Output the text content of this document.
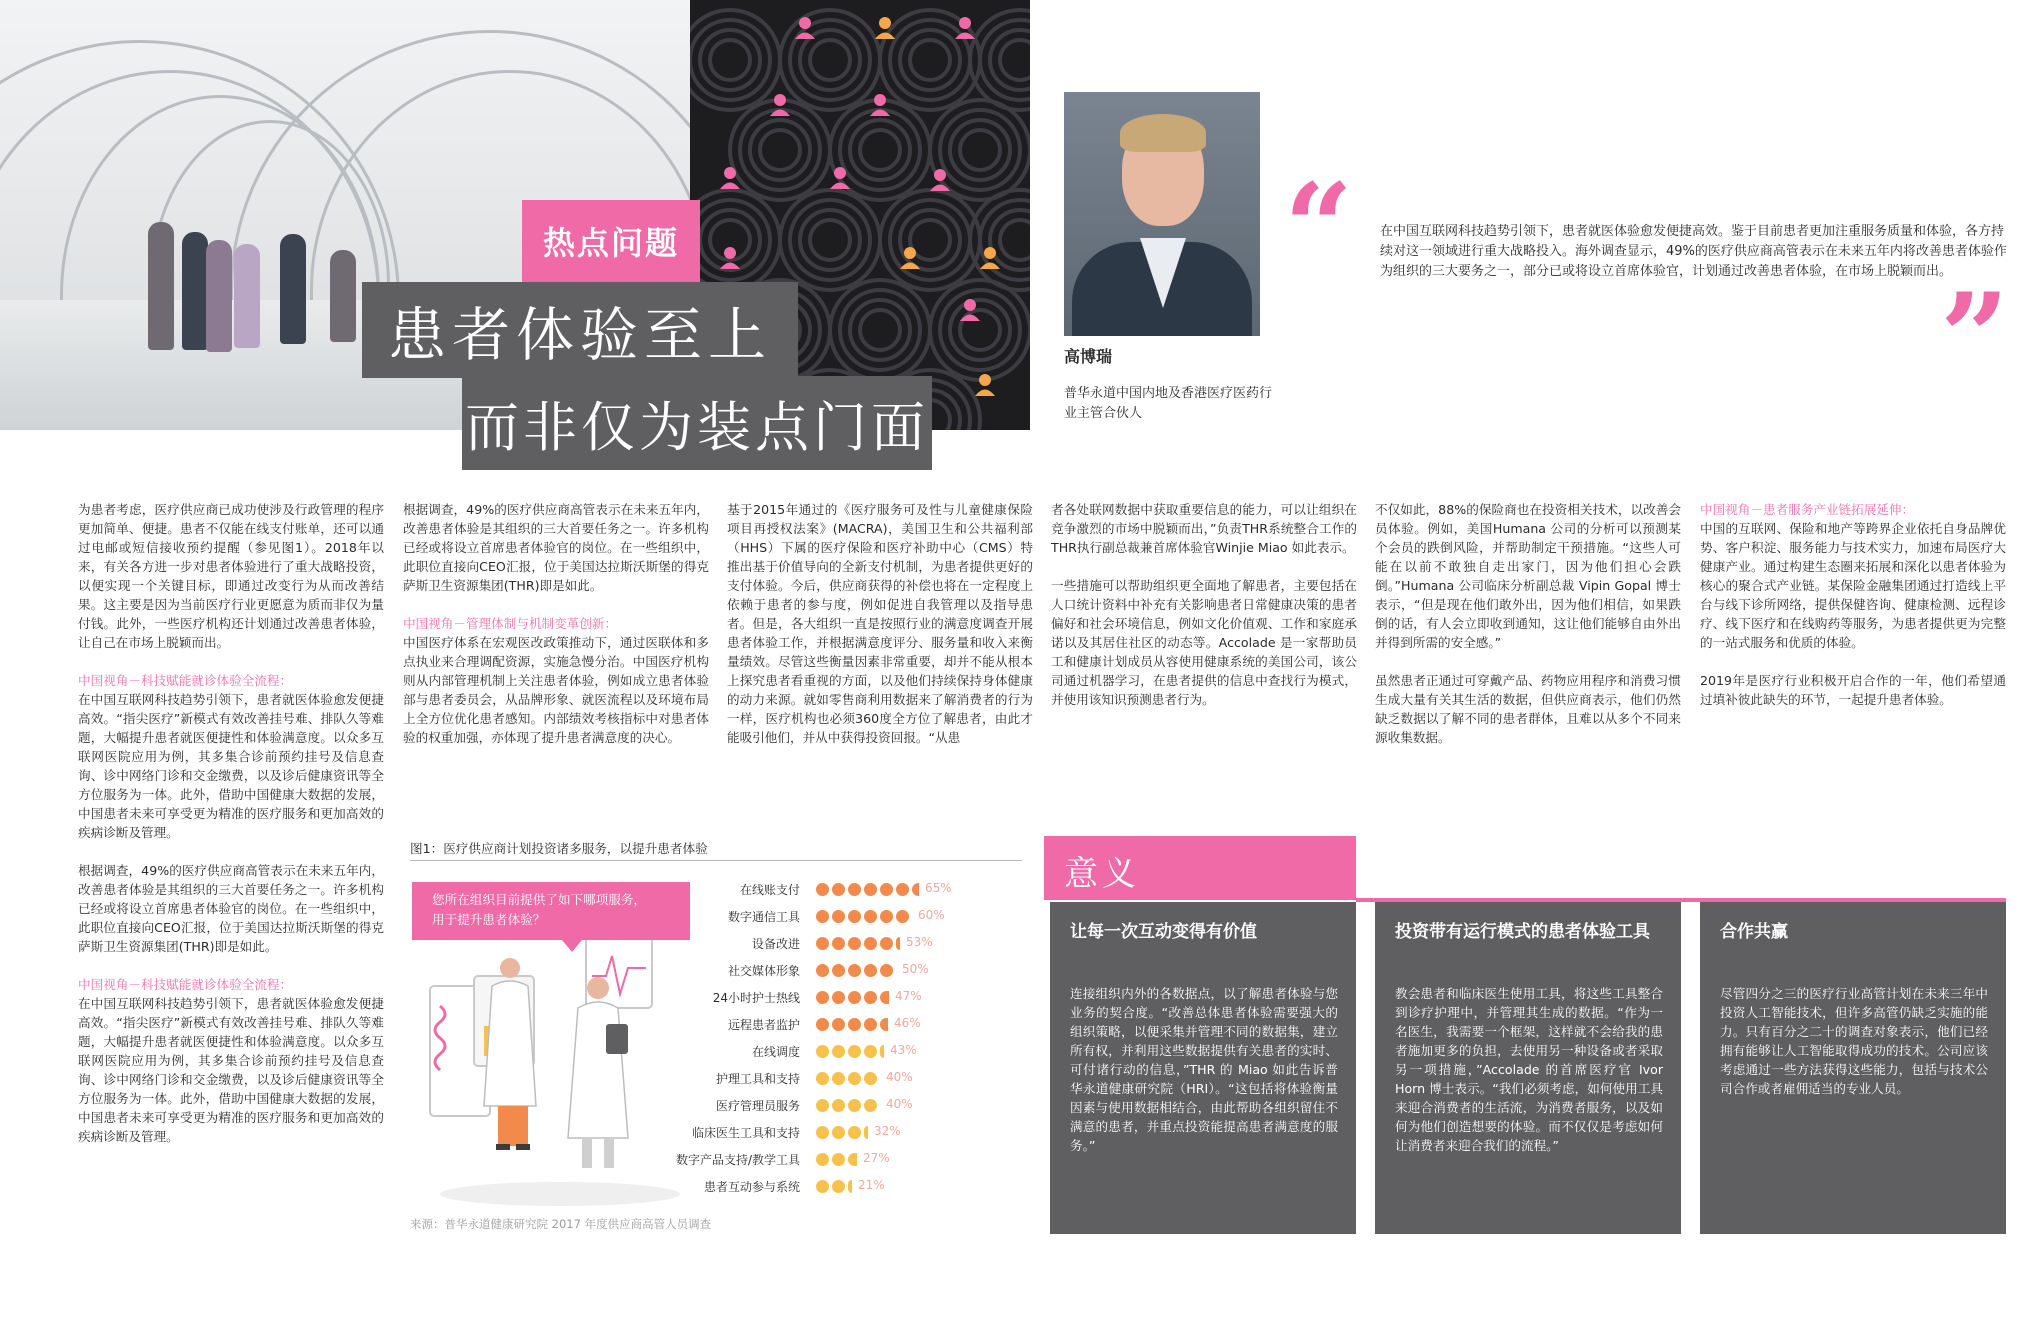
热点问题
患者体验至上
而非仅为装点门面
高博瑞
普华永道中国内地及香港医疗医药行业主管合伙人
“ 在中国互联网科技趋势引领下，患者就医体验愈发便捷高效。鉴于目前患者更加注重服务质量和体验，各方持续对这一领域进行重大战略投入。海外调查显示，49%的医疗供应商高管表示在未来五年内将改善患者体验作为组织的三大要务之一，部分已或将设立首席体验官，计划通过改善患者体验，在市场上脱颖而出。
”

为患者考虑，医疗供应商已成功使涉及行政管理的程序更加简单、便捷。患者不仅能在线支付账单，还可以通过电邮或短信接收预约提醒（参见图1）。2018年以来，有关各方进一步对患者体验进行了重大战略投资，以便实现一个关键目标，即通过改变行为从而改善结果。这主要是因为当前医疗行业更愿意为质而非仅为量付钱。此外，一些医疗机构还计划通过改善患者体验，让自己在市场上脱颖而出。

中国视角－科技赋能就诊体验全流程：

在中国互联网科技趋势引领下，患者就医体验愈发便捷高效。“指尖医疗”新模式有效改善挂号难、排队久等难题，大幅提升患者就医便捷性和体验满意度。以众多互联网医院应用为例，其多集合诊前预约挂号及信息查询、诊中网络门诊和交金缴费，以及诊后健康资讯等全方位服务为一体。此外，借助中国健康大数据的发展，中国患者未来可享受更为精准的医疗服务和更加高效的疾病诊断及管理。

根据调查，49%的医疗供应商高管表示在未来五年内，改善患者体验是其组织的三大首要任务之一。许多机构已经或将设立首席患者体验官的岗位。在一些组织中，此职位直接向CEO汇报，位于美国达拉斯沃斯堡的得克萨斯卫生资源集团(THR)即是如此。

中国视角－科技赋能就诊体验全流程：

在中国互联网科技趋势引领下，患者就医体验愈发便捷高效。“指尖医疗”新模式有效改善挂号难、排队久等难题，大幅提升患者就医便捷性和体验满意度。以众多互联网医院应用为例，其多集合诊前预约挂号及信息查询、诊中网络门诊和交金缴费，以及诊后健康资讯等全方位服务为一体。此外，借助中国健康大数据的发展，中国患者未来可享受更为精准的医疗服务和更加高效的疾病诊断及管理。

根据调查，49%的医疗供应商高管表示在未来五年内，改善患者体验是其组织的三大首要任务之一。许多机构已经或将设立首席患者体验官的岗位。在一些组织中，此职位直接向CEO汇报，位于美国达拉斯沃斯堡的得克萨斯卫生资源集团(THR)即是如此。

中国视角－管理体制与机制变革创新：

中国医疗体系在宏观医改政策推动下，通过医联体和多点执业来合理调配资源，实施急慢分治。中国医疗机构则从内部管理机制上关注患者体验，例如成立患者体验部与患者委员会，从品牌形象、就医流程以及环境布局上全方位优化患者感知。内部绩效考核指标中对患者体验的权重加强，亦体现了提升患者满意度的决心。

基于2015年通过的《医疗服务可及性与儿童健康保险项目再授权法案》(MACRA)，美国卫生和公共福利部（HHS）下属的医疗保险和医疗补助中心（CMS）特推出基于价值导向的全新支付机制，为患者提供更好的支付体验。今后，供应商获得的补偿也将在一定程度上依赖于患者的参与度，例如促进自我管理以及指导患者。但是，各大组织一直是按照行业的满意度调查开展患者体验工作，并根据满意度评分、服务量和收入来衡量绩效。尽管这些衡量因素非常重要，却并不能从根本上探究患者看重视的方面，以及他们持续保持身体健康的动力来源。就如零售商利用数据来了解消费者的行为一样，医疗机构也必须360度全方位了解患者，由此才能吸引他们，并从中获得投资回报。“从患

者各处联网数据中获取重要信息的能力，可以让组织在竞争激烈的市场中脱颖而出，”负责THR系统整合工作的THR执行副总裁兼首席体验官Winjie Miao 如此表示。

一些措施可以帮助组织更全面地了解患者，主要包括在人口统计资料中补充有关影响患者日常健康决策的患者偏好和社会环境信息，例如文化价值观、工作和家庭承诺以及其居住社区的动态等。Accolade 是一家帮助员工和健康计划成员从容使用健康系统的美国公司，该公司通过机器学习，在患者提供的信息中查找行为模式，并使用该知识预测患者行为。

不仅如此，88%的保险商也在投资相关技术，以改善会员体验。例如，美国Humana 公司的分析可以预测某个会员的跌倒风险，并帮助制定干预措施。“这些人可能在以前不敢独自走出家门，因为他们担心会跌倒。”Humana 公司临床分析副总裁 Vipin Gopal 博士表示，“但是现在他们敢外出，因为他们相信，如果跌倒的话，有人会立即收到通知，这让他们能够自由外出并得到所需的安全感。”

虽然患者正通过可穿戴产品、药物应用程序和消费习惯生成大量有关其生活的数据，但供应商表示，他们仍然缺乏数据以了解不同的患者群体，且难以从多个不同来源收集数据。

中国视角－患者服务产业链拓展延伸：

中国的互联网、保险和地产等跨界企业依托自身品牌优势、客户积淀、服务能力与技术实力，加速布局医疗大健康产业。通过构建生态圈来拓展和深化以患者体验为核心的聚合式产业链。某保险金融集团通过打造线上平台与线下诊所网络，提供保健咨询、健康检测、远程诊疗、线下医疗和在线购药等服务，为患者提供更为完整的一站式服务和优质的体验。

2019年是医疗行业积极开启合作的一年，他们希望通过填补彼此缺失的环节，一起提升患者体验。

图1：医疗供应商计划投资诸多服务，以提升患者体验
您所在组织目前提供了如下哪项服务，
用于提升患者体验？
在线账支付	65%
数字通信工具	60%
设备改进	53%
社交媒体形象	50%
24小时护士热线	47%
远程患者监护	46%
在线调度	43%
护理工具和支持	40%
医疗管理员服务	40%
临床医生工具和支持	32%
数字产品支持/教学工具	27%
患者互动参与系统	21%
来源：普华永道健康研究院 2017 年度供应商高管人员调查
意义
让每一次互动变得有价值
连接组织内外的各数据点，以了解患者体验与您业务的契合度。“改善总体患者体验需要强大的组织策略，以便采集并管理不同的数据集，建立所有权，并利用这些数据提供有关患者的实时、可付诸行动的信息，”THR 的 Miao 如此告诉普华永道健康研究院（HRI）。“这包括将体验衡量因素与使用数据相结合，由此帮助各组织留住不满意的患者，并重点投资能提高患者满意度的服务。”
投资带有运行模式的患者体验工具
教会患者和临床医生使用工具，将这些工具整合到诊疗护理中，并管理其生成的数据。“作为一名医生，我需要一个框架，这样就不会给我的患者施加更多的负担，去使用另一种设备或者采取另一项措施，”Accolade 的首席医疗官 Ivor Horn 博士表示。“我们必须考虑，如何使用工具来迎合消费者的生活流，为消费者服务，以及如何为他们创造想要的体验。而不仅仅是考虑如何让消费者来迎合我们的流程。”
合作共赢
尽管四分之三的医疗行业高管计划在未来三年中投资人工智能技术，但许多高管仍缺乏实施的能力。只有百分之二十的调查对象表示，他们已经拥有能够让人工智能取得成功的技术。公司应该考虑通过一些方法获得这些能力，包括与技术公司合作或者雇佣适当的专业人员。
